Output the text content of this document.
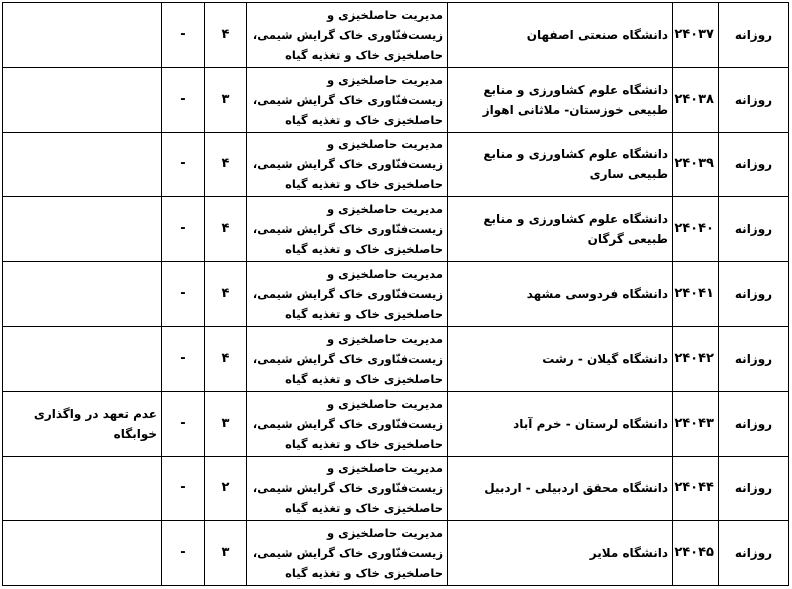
روزانه	۲۴۰۳۷	دانشگاه صنعتی اصفهان	مدیریت حاصلخیزی و زیست‌فنّاوری خاک گرایش شیمی، حاصلخیزی خاک و تغذیه گیاه	۴	-	
روزانه	۲۴۰۳۸	دانشگاه علوم کشاورزی و منابع طبیعی خوزستان- ملاثانی اهواز	مدیریت حاصلخیزی و زیست‌فنّاوری خاک گرایش شیمی، حاصلخیزی خاک و تغذیه گیاه	۳	-	
روزانه	۲۴۰۳۹	دانشگاه علوم کشاورزی و منابع طبیعی ساری	مدیریت حاصلخیزی و زیست‌فنّاوری خاک گرایش شیمی، حاصلخیزی خاک و تغذیه گیاه	۴	-	
روزانه	۲۴۰۴۰	دانشگاه علوم کشاورزی و منابع طبیعی گرگان	مدیریت حاصلخیزی و زیست‌فنّاوری خاک گرایش شیمی، حاصلخیزی خاک و تغذیه گیاه	۴	-	
روزانه	۲۴۰۴۱	دانشگاه فردوسی مشهد	مدیریت حاصلخیزی و زیست‌فنّاوری خاک گرایش شیمی، حاصلخیزی خاک و تغذیه گیاه	۴	-	
روزانه	۲۴۰۴۲	دانشگاه گیلان - رشت	مدیریت حاصلخیزی و زیست‌فنّاوری خاک گرایش شیمی، حاصلخیزی خاک و تغذیه گیاه	۴	-	
روزانه	۲۴۰۴۳	دانشگاه لرستان - خرم آباد	مدیریت حاصلخیزی و زیست‌فنّاوری خاک گرایش شیمی، حاصلخیزی خاک و تغذیه گیاه	۳	-	عدم تعهد در واگذاری خوابگاه
روزانه	۲۴۰۴۴	دانشگاه محقق اردبیلی - اردبیل	مدیریت حاصلخیزی و زیست‌فنّاوری خاک گرایش شیمی، حاصلخیزی خاک و تغذیه گیاه	۲	-	
روزانه	۲۴۰۴۵	دانشگاه ملایر	مدیریت حاصلخیزی و زیست‌فنّاوری خاک گرایش شیمی، حاصلخیزی خاک و تغذیه گیاه	۳	-	
